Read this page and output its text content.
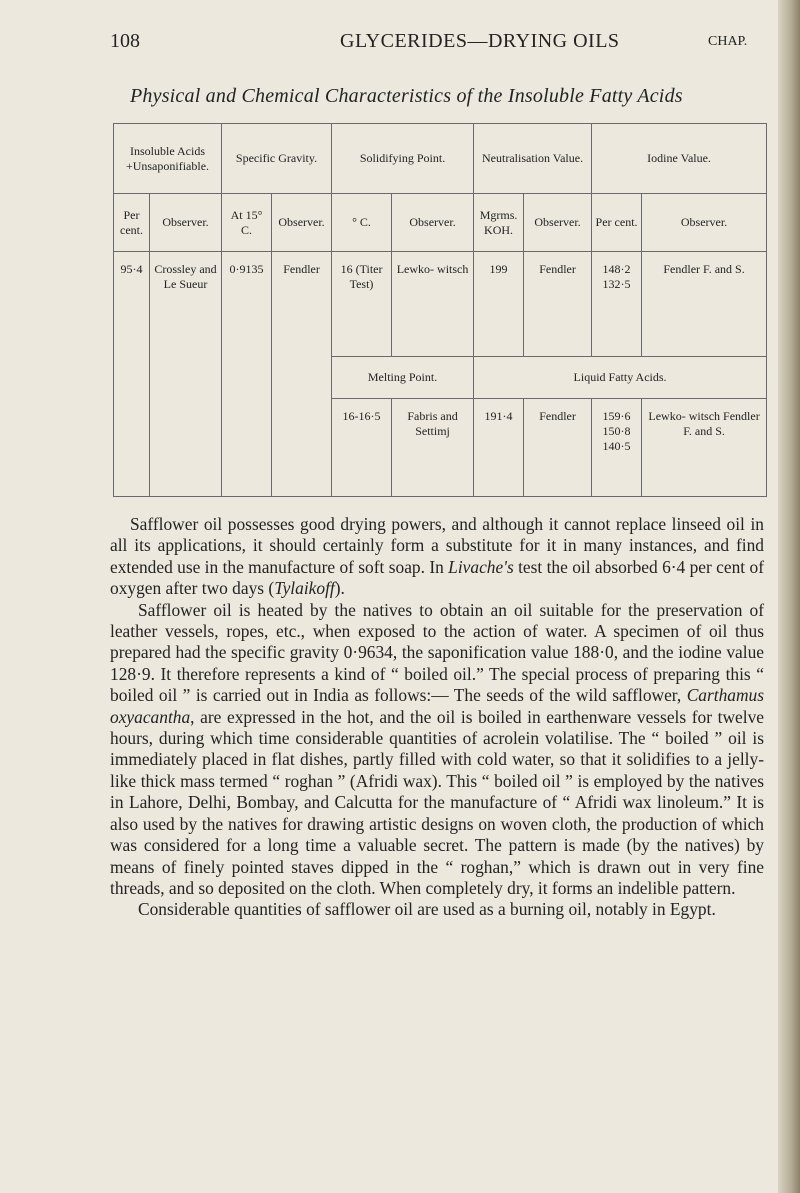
108	GLYCERIDES—DRYING OILS	CHAP.
Physical and Chemical Characteristics of the Insoluble Fatty Acids
Insoluble Acids +Unsaponifiable.		Specific Gravity.		Solidifying Point.		Neutralisation Value.		Iodine Value.	
Per cent.	Observer.	At 15° C.	Observer.	° C.	Observer.	Mgrms. KOH.	Observer.	Per cent.	Observer.
95·4	Crossley and Le Sueur	0·9135	Fendler	16 (Titer Test)	Lewko- witsch	199	Fendler	148·2 132·5	Fendler F. and S.
				Melting Point.		Liquid Fatty Acids.			
				16-16·5	Fabris and Settimj	191·4	Fendler	159·6 150·8 140·5	Lewko- witsch Fendler F. and S.

Safflower oil possesses good drying powers, and although it cannot replace linseed oil in all its applications, it should certainly form a substitute for it in many instances, and find extended use in the manufacture of soft soap. In Livache's test the oil absorbed 6·4 per cent of oxygen after two days (Tylaikoff).

Safflower oil is heated by the natives to obtain an oil suitable for the preservation of leather vessels, ropes, etc., when exposed to the action of water. A specimen of oil thus prepared had the specific gravity 0·9634, the saponification value 188·0, and the iodine value 128·9. It therefore represents a kind of “ boiled oil.” The special process of preparing this “ boiled oil ” is carried out in India as follows:— The seeds of the wild safflower, Carthamus oxyacantha, are expressed in the hot, and the oil is boiled in earthenware vessels for twelve hours, during which time considerable quantities of acrolein volatilise. The “ boiled ” oil is immediately placed in flat dishes, partly filled with cold water, so that it solidifies to a jelly-like thick mass termed “ roghan ” (Afridi wax). This “ boiled oil ” is employed by the natives in Lahore, Delhi, Bombay, and Calcutta for the manufacture of “ Afridi wax linoleum.” It is also used by the natives for drawing artistic designs on woven cloth, the production of which was considered for a long time a valuable secret. The pattern is made (by the natives) by means of finely pointed staves dipped in the “ roghan,” which is drawn out in very fine threads, and so deposited on the cloth. When completely dry, it forms an indelible pattern.

Considerable quantities of safflower oil are used as a burning oil, notably in Egypt.
